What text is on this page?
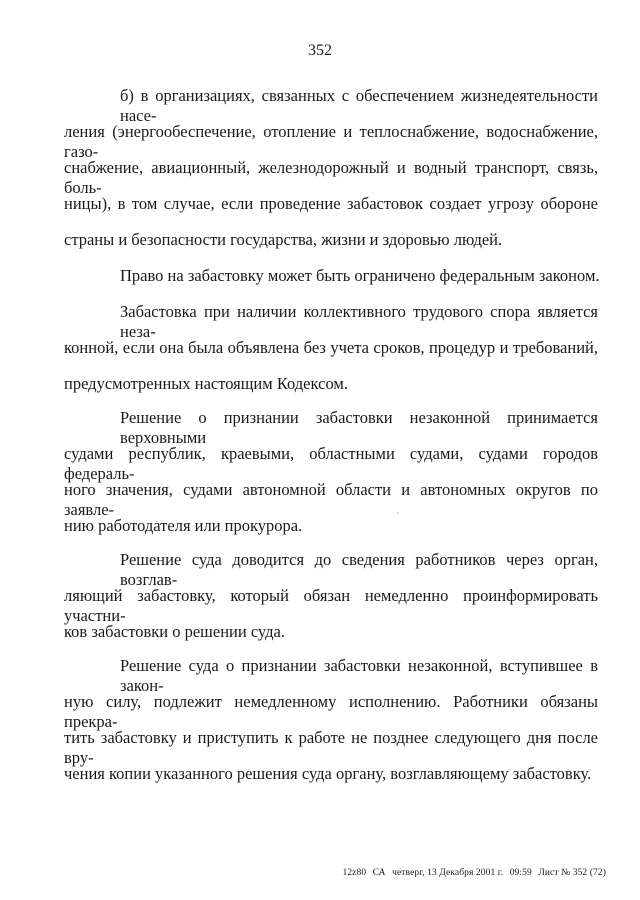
352
б) в организациях, связанных с обеспечением жизнедеятельности насе-
ления (энергообеспечение, отопление и теплоснабжение, водоснабжение, газо-
снабжение, авиационный, железнодорожный и водный транспорт, связь, боль-
ницы), в том случае, если проведение забастовок создает угрозу обороне
страны и безопасности государства, жизни и здоровью людей.
Право на забастовку может быть ограничено федеральным законом.
Забастовка при наличии коллективного трудового спора является неза-
конной, если она была объявлена без учета сроков, процедур и требований,
предусмотренных настоящим Кодексом.
Решение о признании забастовки незаконной принимается верховными
судами республик, краевыми, областными судами, судами городов федераль-
ного значения, судами автономной области и автономных округов по заявле-
нию работодателя или прокурора.
Решение суда доводится до сведения работников через орган, возглав-
ляющий забастовку, который обязан немедленно проинформировать участни-
ков забастовки о решении суда.
Решение суда о признании забастовки незаконной, вступившее в закон-
ную силу, подлежит немедленному исполнению. Работники обязаны прекра-
тить забастовку и приступить к работе не позднее следующего дня после вру-
чения копии указанного решения суда органу, возглавляющему забастовку.
12z80 СА четверг, 13 Декабря 2001 г. 09:59 Лист № 352 (72)
